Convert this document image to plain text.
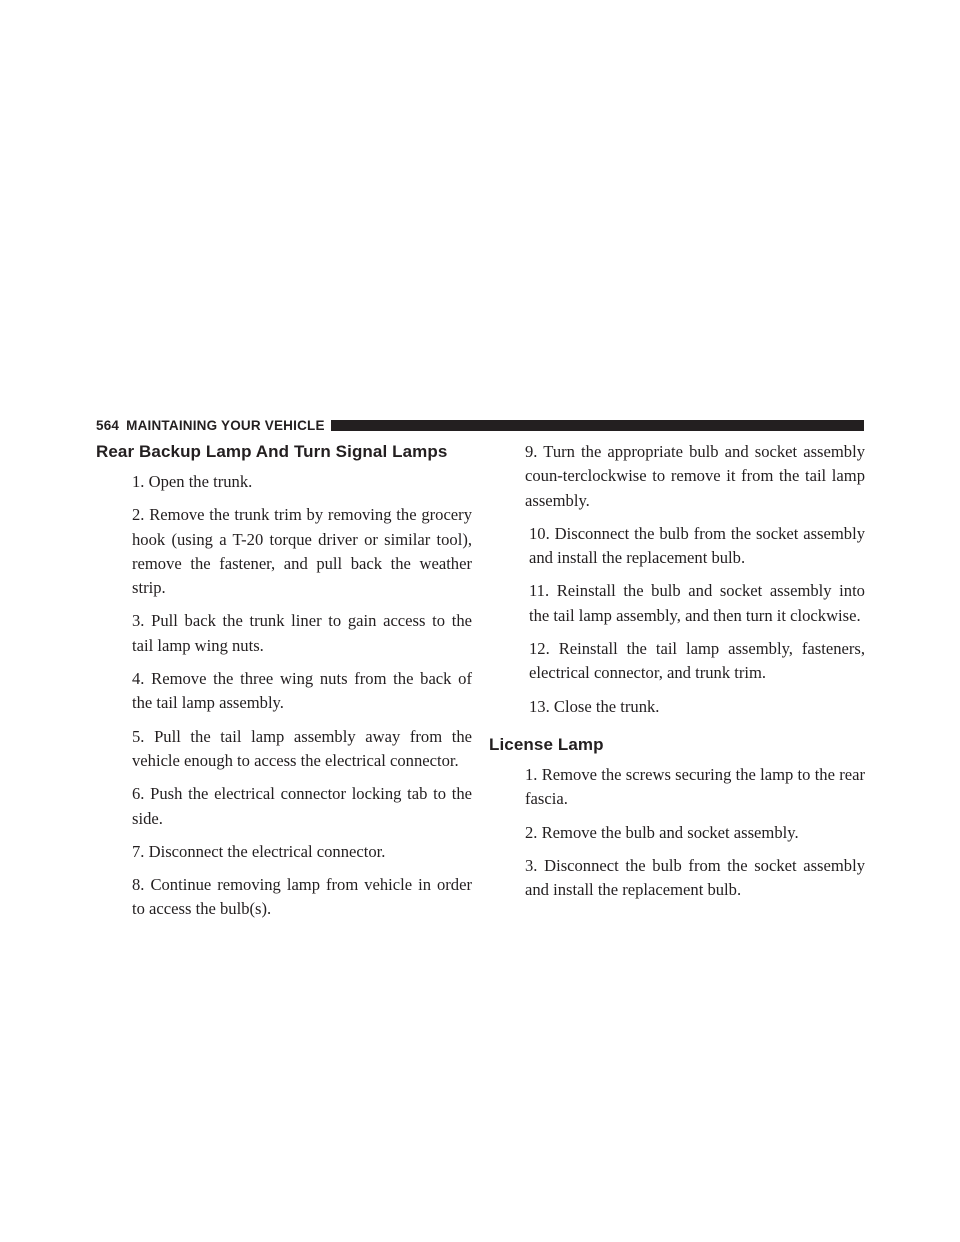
564 MAINTAINING YOUR VEHICLE
Rear Backup Lamp And Turn Signal Lamps
1. Open the trunk.
2. Remove the trunk trim by removing the grocery hook (using a T-20 torque driver or similar tool), remove the fastener, and pull back the weather strip.
3. Pull back the trunk liner to gain access to the tail lamp wing nuts.
4. Remove the three wing nuts from the back of the tail lamp assembly.
5. Pull the tail lamp assembly away from the vehicle enough to access the electrical connector.
6. Push the electrical connector locking tab to the side.
7. Disconnect the electrical connector.
8. Continue removing lamp from vehicle in order to access the bulb(s).
9. Turn the appropriate bulb and socket assembly coun-terclockwise to remove it from the tail lamp assembly.
10. Disconnect the bulb from the socket assembly and install the replacement bulb.
11. Reinstall the bulb and socket assembly into the tail lamp assembly, and then turn it clockwise.
12. Reinstall the tail lamp assembly, fasteners, electrical connector, and trunk trim.
13. Close the trunk.
License Lamp
1. Remove the screws securing the lamp to the rear fascia.
2. Remove the bulb and socket assembly.
3. Disconnect the bulb from the socket assembly and install the replacement bulb.
